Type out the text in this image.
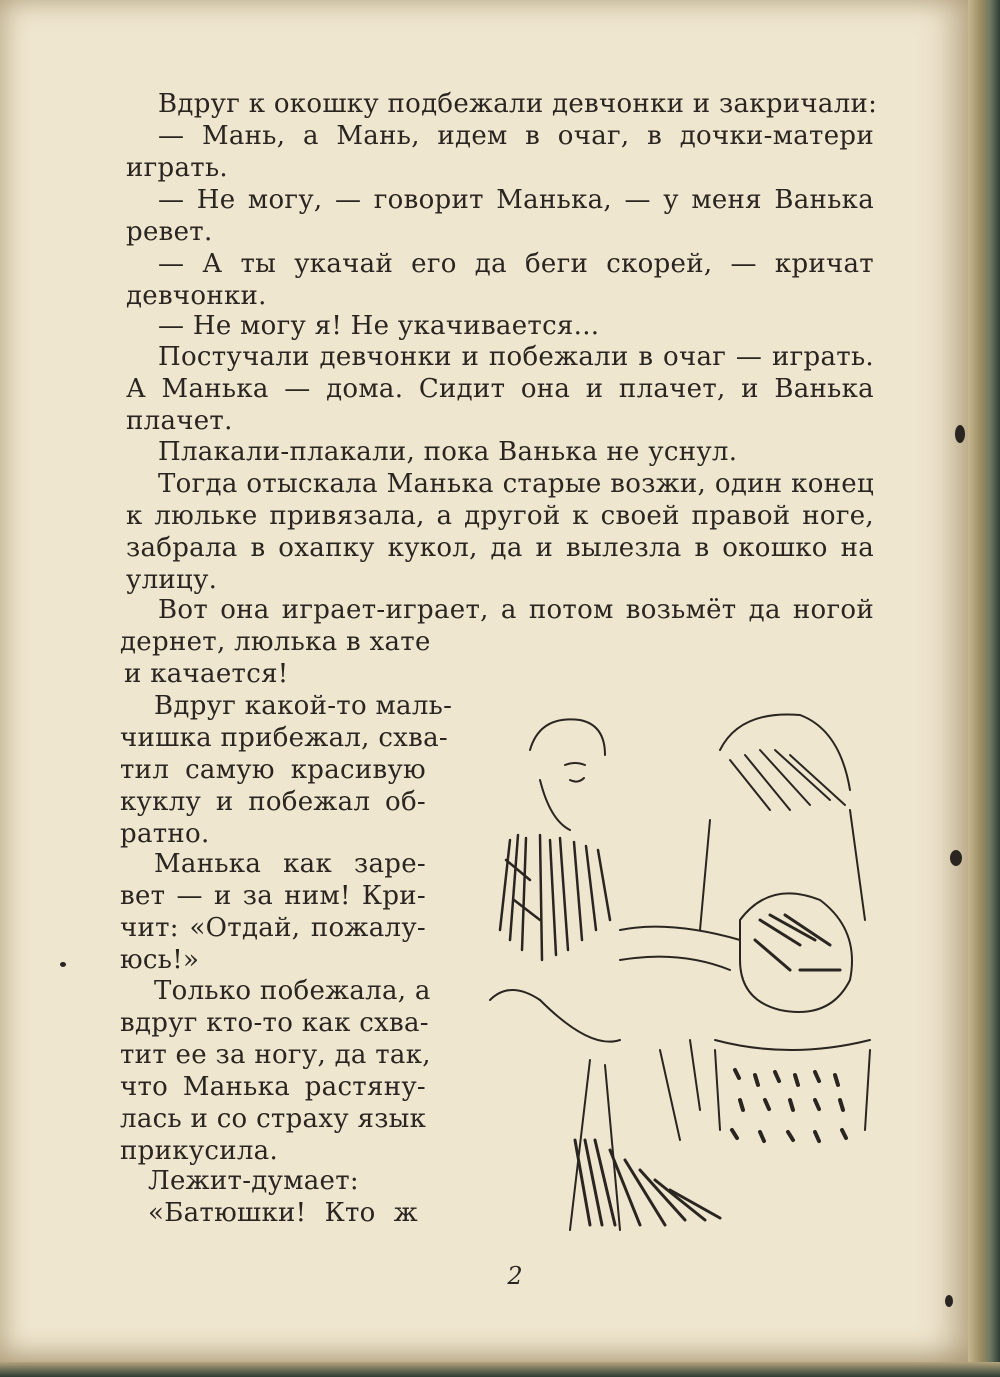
Вдруг к окошку подбежали девчонки и закричали:
— Мань, а Мань, идем в очаг, в дочки-матери
играть.
— Не могу, — говорит Манька, — у меня Ванька
ревет.
— А ты укачай его да беги скорей, — кричат
девчонки.
— Не могу я! Не укачивается...
Постучали девчонки и побежали в очаг — играть.
А Манька — дома. Сидит она и плачет, и Ванька
плачет.
Плакали-плакали, пока Ванька не уснул.
Тогда отыскала Манька старые возжи, один конец
к люльке привязала, а другой к своей правой ноге,
забрала в охапку кукол, да и вылезла в окошко на
улицу.
Вот она играет-играет, а потом возьмёт да ногой
дернет, люлька в хате
и качается!
Вдруг какой-то маль-
чишка прибежал, схва-
тил самую красивую
куклу и побежал об-
ратно.
Манька как заре-
вет — и за ним! Кри-
чит: «Отдай, пожалу-
юсь!»
Только побежала, а
вдруг кто-то как схва-
тит ее за ногу, да так,
что Манька растяну-
лась и со страху язык
прикусила.
Лежит-думает:
«Батюшки! Кто ж
2
